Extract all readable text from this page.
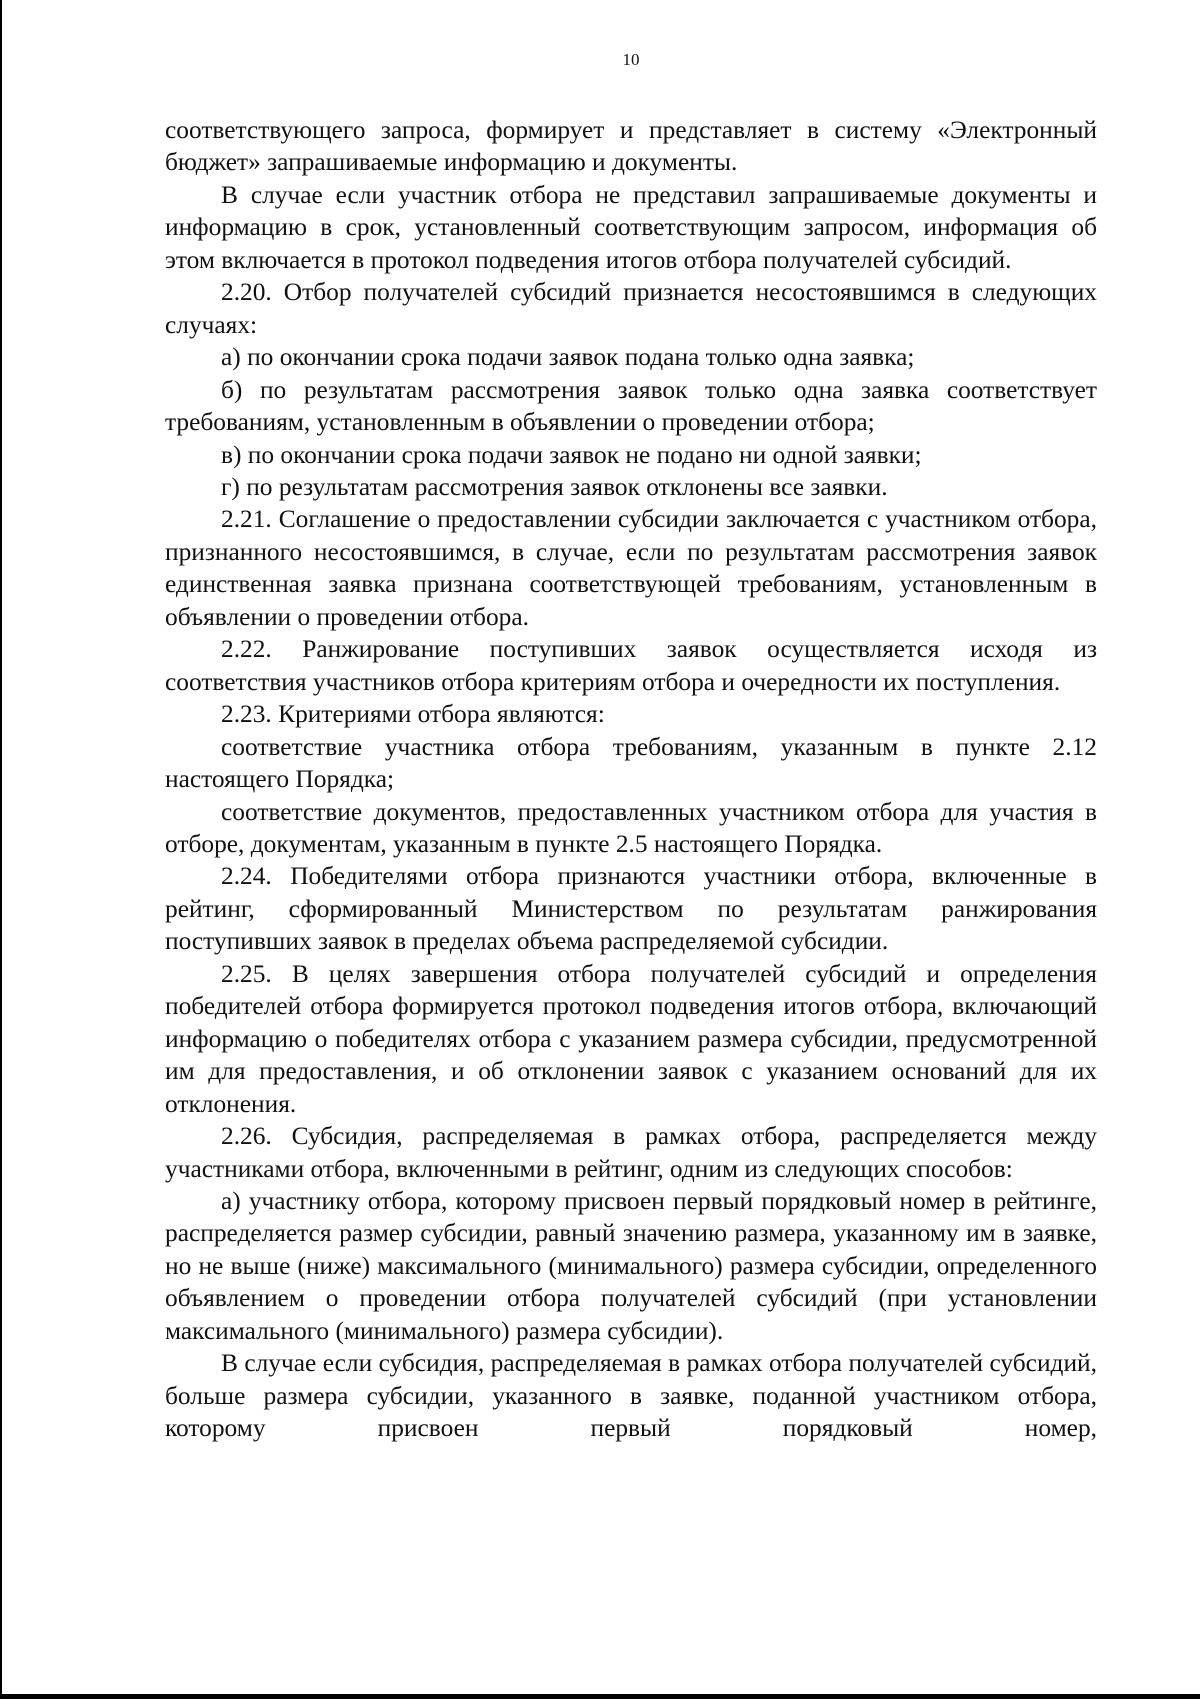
10

соответствующего запроса, формирует и представляет в систему «Электронный бюджет» запрашиваемые информацию и документы.

В случае если участник отбора не представил запрашиваемые документы и информацию в срок, установленный соответствующим запросом, информация об этом включается в протокол подведения итогов отбора получателей субсидий.

2.20. Отбор получателей субсидий признается несостоявшимся в следующих случаях:

а) по окончании срока подачи заявок подана только одна заявка;

б) по результатам рассмотрения заявок только одна заявка соответствует требованиям, установленным в объявлении о проведении отбора;

в) по окончании срока подачи заявок не подано ни одной заявки;

г) по результатам рассмотрения заявок отклонены все заявки.

2.21. Соглашение о предоставлении субсидии заключается с участником отбора, признанного несостоявшимся, в случае, если по результатам рассмотрения заявок единственная заявка признана соответствующей требованиям, установленным в объявлении о проведении отбора.

2.22. Ранжирование поступивших заявок осуществляется исходя из соответствия участников отбора критериям отбора и очередности их поступления.

2.23. Критериями отбора являются:

соответствие участника отбора требованиям, указанным в пункте 2.12 настоящего Порядка;

соответствие документов, предоставленных участником отбора для участия в отборе, документам, указанным в пункте 2.5 настоящего Порядка.

2.24. Победителями отбора признаются участники отбора, включенные в рейтинг, сформированный Министерством по результатам ранжирования поступивших заявок в пределах объема распределяемой субсидии.

2.25. В целях завершения отбора получателей субсидий и определения победителей отбора формируется протокол подведения итогов отбора, включающий информацию о победителях отбора с указанием размера субсидии, предусмотренной им для предоставления, и об отклонении заявок с указанием оснований для их отклонения.

2.26. Субсидия, распределяемая в рамках отбора, распределяется между участниками отбора, включенными в рейтинг, одним из следующих способов:

а) участнику отбора, которому присвоен первый порядковый номер в рейтинге, распределяется размер субсидии, равный значению размера, указанному им в заявке, но не выше (ниже) максимального (минимального) размера субсидии, определенного объявлением о проведении отбора получателей субсидий (при установлении максимального (минимального) размера субсидии).

В случае если субсидия, распределяемая в рамках отбора получателей субсидий, больше размера субсидии, указанного в заявке, поданной участником отбора, которому присвоен первый порядковый номер,
